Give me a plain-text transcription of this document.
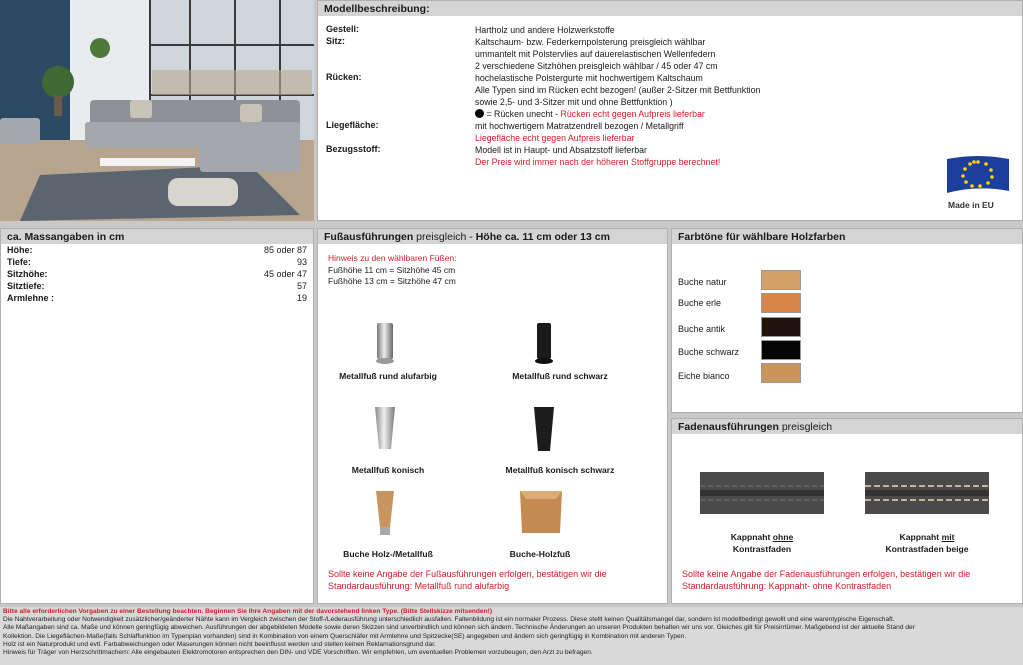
Modellbeschreibung:
Gestell:	Hartholz und andere Holzwerkstoffe
Sitz:	Kaltschaum- bzw. Federkernpolsterung preisgleich wählbar
ummantelt mit Polstervlies auf dauerelastischen Wellenfedern
2 verschiedene Sitzhöhen preisgleich wählbar / 45 oder 47 cm
Rücken:	hochelastische Polstergurte mit hochwertigem Kaltschaum
Alle Typen sind im Rücken echt bezogen! (außer 2-Sitzer mit Bettfunktion
sowie 2,5- und 3-Sitzer mit und ohne Bettfunktion )
= Rücken unecht - Rücken echt gegen Aufpreis lieferbar
Liegefläche:	mit hochwertigem Matratzendrell bezogen / Metallgriff
Liegefläche echt gegen Aufpreis lieferbar
Bezugsstoff:	Modell ist in Haupt- und Absatzstoff lieferbar
Der Preis wird immer nach der höheren Stoffgruppe berechnet!
Made in EU
ca. Massangaben in cm
Höhe:	85 oder 87
Tiefe:	93
Sitzhöhe:	45 oder 47
Sitztiefe:	57
Armlehne :	19
Fußausführungen preisgleich - Höhe ca. 11 cm oder 13 cm
Hinweis zu den wählbaren Füßen:
Fußhöhe 11 cm = Sitzhöhe 45 cm
Fußhöhe 13 cm = Sitzhöhe 47 cm
Metallfuß rund alufarbig	Metallfuß rund schwarz
Metallfuß konisch	Metallfuß konisch schwarz
Buche Holz-/Metallfuß	Buche-Holzfuß
Sollte keine Angabe der Fußausführungen erfolgen, bestätigen wir die
Standardausführung: Metallfuß rund alufarbig
Farbtöne für wählbare Holzfarben
Buche natur
Buche erle
Buche antik
Buche schwarz
Eiche bianco
Fadenausführungen preisgleich
Kappnaht ohne
Kontrastfaden
Kappnaht mit
Kontrastfaden beige
Sollte keine Angabe der Fadenausführungen erfolgen, bestätigen wir die
Standardausführung: Kappnaht- ohne Kontrastfaden
Bitte alle erforderlichen Vorgaben zu einer Bestellung beachten. Beginnen Sie Ihre Angaben mit der davorstehend linken Type. (Bitte Stellskizze mitsenden!)
Die Nahtverarbeitung oder Notwendigkeit zusätzlicher/geänderter Nähte kann im Vergleich zwischen der Stoff-/Lederausführung unterschiedlich ausfallen. Faltenbildung ist ein normaler Prozess. Diese stellt keinen Qualitätsmangel dar, sondern ist modellbedingt gewollt und eine warentypische Eigenschaft.
Alle Maßangaben sind ca. Maße und können geringfügig abweichen. Ausführungen der abgebildeten Modelle sowie deren Skizzen sind unverbindlich und können sich ändern. Technische Änderungen an unseren Produkten behalten wir uns vor. Gleiches gilt für Preisirrtümer. Maßgebend ist der aktuelle Stand der
Kollektion. Die Liegeflächen-Maße(falls Schlaffunktion im Typenplan vorhanden) sind in Kombination von einem Querschläfer mit Armlehne und Spitzecke(SE) angegeben und ändern sich geringfügig in Kombination mit anderen Typen.
Holz ist ein Naturprodukt und evtl. Farbabweichungen oder Maserungen können nicht beeinflusst werden und stellen keinen Reklamationsgrund dar.
Hinweis für Träger von Herzschrittmachern: Alle eingebauten Elektromotoren entsprechen den DIN- und VDE Vorschriften. Wir empfehlen, um eventuellen Problemen vorzubeugen, den Arzt zu befragen.
